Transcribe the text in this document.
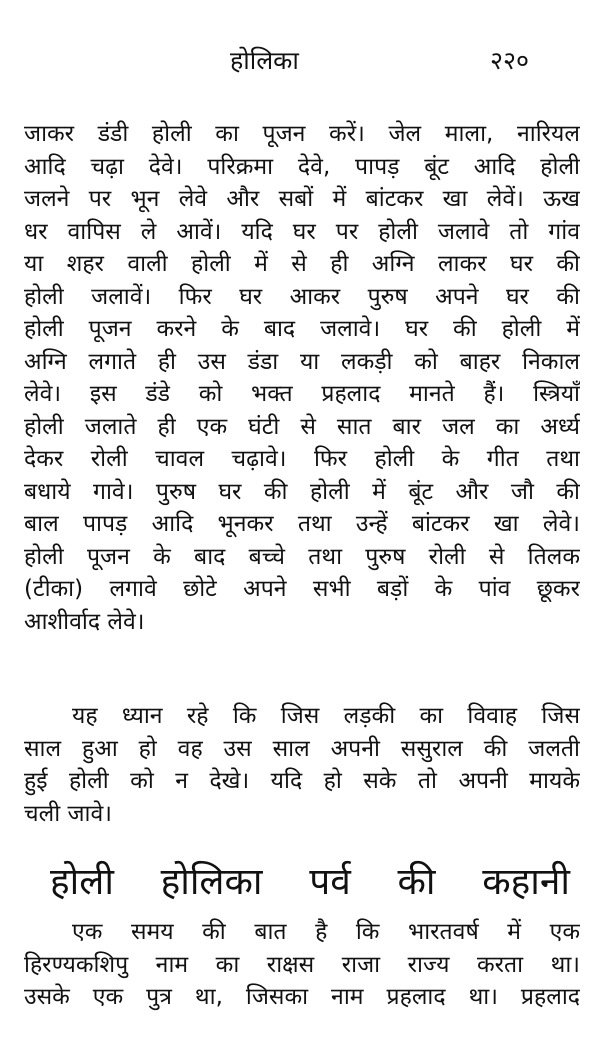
होलिका	२२०
जाकर डंडी होली का पूजन करें। जेल माला, नारियल
आदि चढ़ा देवे। परिक्रमा देवे, पापड़ बूंट आदि होली
जलने पर भून लेवे और सबों में बांटकर खा लेवें। ऊख
धर वापिस ले आवें। यदि घर पर होली जलावे तो गांव
या शहर वाली होली में से ही अग्नि लाकर घर की
होली जलावें। फिर घर आकर पुरुष अपने घर की
होली पूजन करने के बाद जलावे। घर की होली में
अग्नि लगाते ही उस डंडा या लकड़ी को बाहर निकाल
लेवे। इस डंडे को भक्त प्रहलाद मानते हैं। स्त्रियाँ
होली जलाते ही एक घंटी से सात बार जल का अर्ध्य
देकर रोली चावल चढ़ावे। फिर होली के गीत तथा
बधाये गावे। पुरुष घर की होली में बूंट और जौ की
बाल पापड़ आदि भूनकर तथा उन्हें बांटकर खा लेवे।
होली पूजन के बाद बच्चे तथा पुरुष रोली से तिलक
(टीका) लगावे छोटे अपने सभी बड़ों के पांव छूकर
आशीर्वाद लेवे।
यह ध्यान रहे कि जिस लड़की का विवाह जिस
साल हुआ हो वह उस साल अपनी ससुराल की जलती
हुई होली को न देखे। यदि हो सके तो अपनी मायके
चली जावे।
होली होलिका पर्व की कहानी
एक समय की बात है कि भारतवर्ष में एक
हिरण्यकशिपु नाम का राक्षस राजा राज्य करता था।
उसके एक पुत्र था, जिसका नाम प्रहलाद था। प्रहलाद
